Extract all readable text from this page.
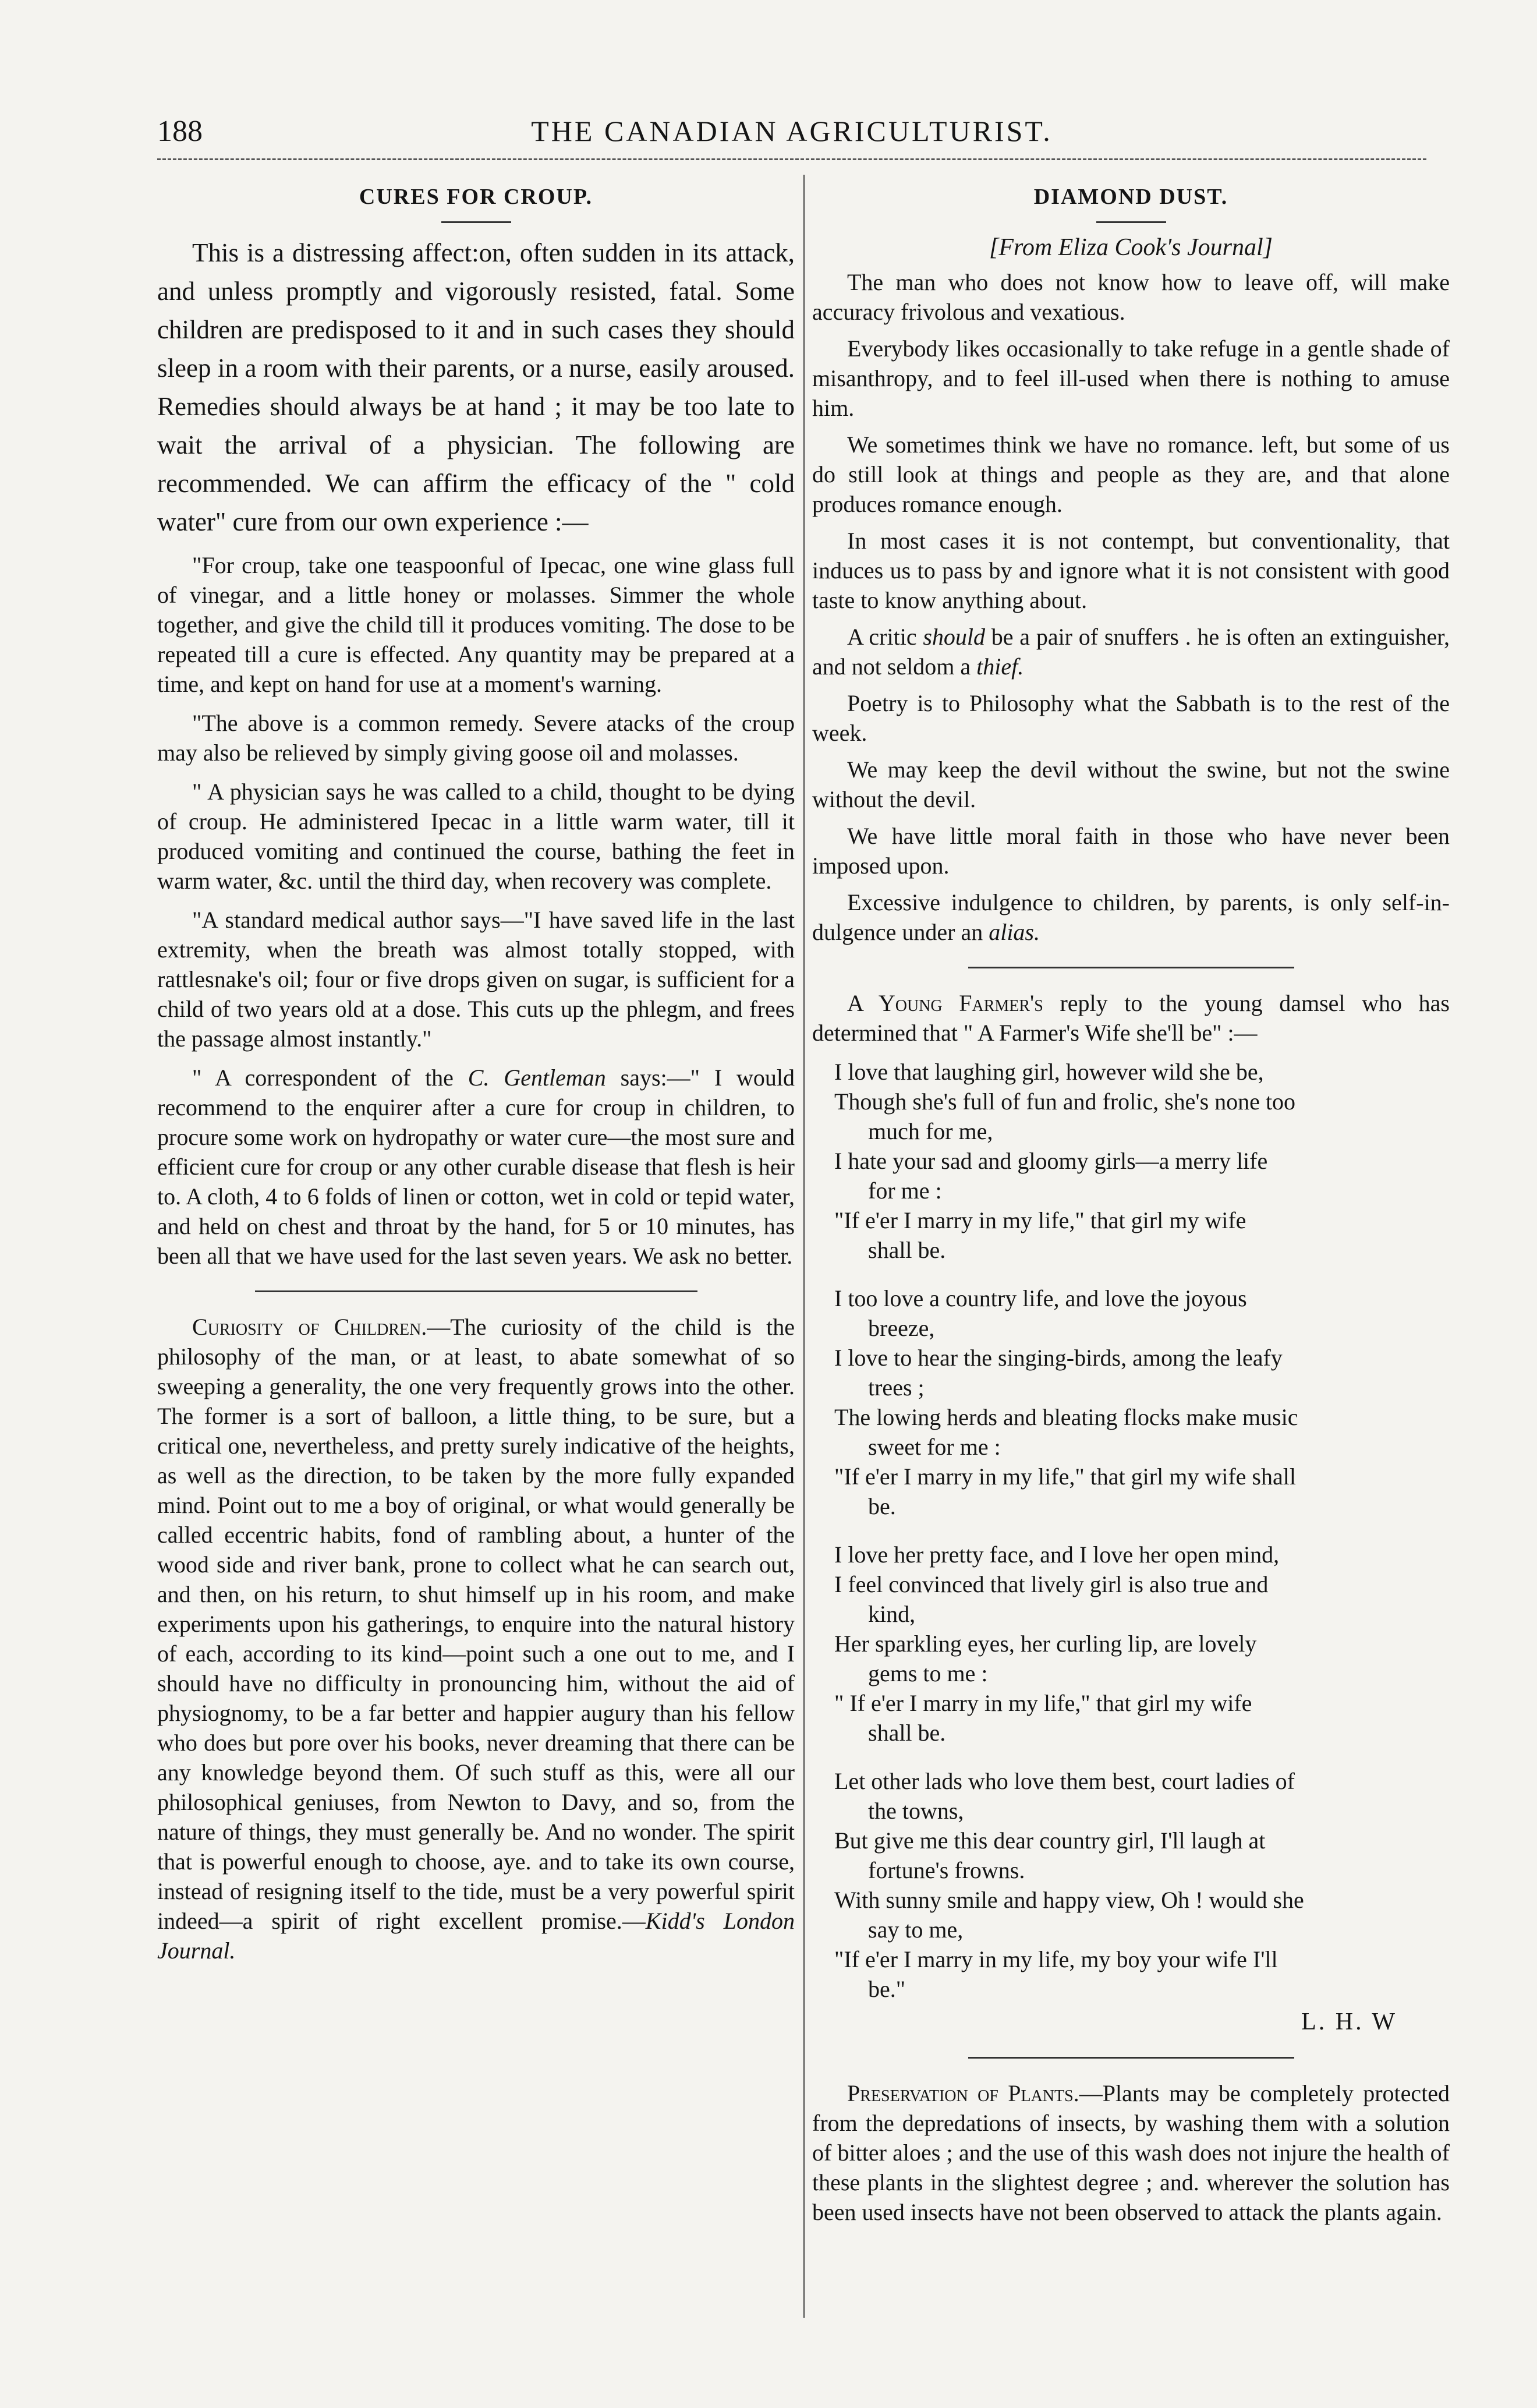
188	THE CANADIAN AGRICULTURIST.
CURES FOR CROUP.

This is a distressing affect:on, often sudden in its attack, and unless promptly and vigorously resisted, fatal. Some children are predisposed to it and in such cases they should sleep in a room with their parents, or a nurse, easily aroused. Remedies should always be at hand ; it may be too late to wait the arrival of a physician. The following are recommended. We can affirm the efficacy of the " cold water" cure from our own experience :—

"For croup, take one teaspoonful of Ipecac, one wine glass full of vinegar, and a little honey or molasses. Simmer the whole together, and give the child till it produces vomiting. The dose to be repeated till a cure is effected. Any quantity may be prepared at a time, and kept on hand for use at a moment's warning.

"The above is a common remedy. Severe atacks of the croup may also be relieved by simply giving goose oil and molasses.

" A physician says he was called to a child, thought to be dying of croup. He administered Ipecac in a little warm water, till it produced vomiting and continued the course, bathing the feet in warm water, &c. until the third day, when recovery was complete.

"A standard medical author says—"I have saved life in the last extremity, when the breath was almost totally stopped, with rattlesnake's oil; four or five drops given on sugar, is sufficient for a child of two years old at a dose. This cuts up the phlegm, and frees the passage almost instantly."

" A correspondent of the C. Gentleman says:—" I would recommend to the enquirer after a cure for croup in children, to procure some work on hydropathy or water cure—the most sure and efficient cure for croup or any other curable disease that flesh is heir to. A cloth, 4 to 6 folds of linen or cotton, wet in cold or tepid water, and held on chest and throat by the hand, for 5 or 10 minutes, has been all that we have used for the last seven years. We ask no better.

Curiosity of Children.—The curiosity of the child is the philosophy of the man, or at least, to abate somewhat of so sweeping a generality, the one very frequently grows into the other. The former is a sort of balloon, a little thing, to be sure, but a critical one, nevertheless, and pretty surely indicative of the heights, as well as the direction, to be taken by the more fully expanded mind. Point out to me a boy of original, or what would generally be called eccentric habits, fond of rambling about, a hunter of the wood side and river bank, prone to collect what he can search out, and then, on his return, to shut himself up in his room, and make experiments upon his gatherings, to enquire into the natural history of each, according to its kind—point such a one out to me, and I should have no difficulty in pronouncing him, without the aid of physiognomy, to be a far better and happier augury than his fellow who does but pore over his books, never dreaming that there can be any knowledge beyond them. Of such stuff as this, were all our philosophical geniuses, from Newton to Davy, and so, from the nature of things, they must generally be. And no wonder. The spirit that is powerful enough to choose, aye. and to take its own course, instead of resigning itself to the tide, must be a very powerful spirit indeed—a spirit of right excellent promise.—Kidd's London Journal.

DIAMOND DUST.
[From Eliza Cook's Journal]

The man who does not know how to leave off, will make accuracy frivolous and vexatious.

Everybody likes occasionally to take refuge in a gentle shade of misanthropy, and to feel ill-used when there is nothing to amuse him.

We sometimes think we have no romance. left, but some of us do still look at things and people as they are, and that alone produces romance enough.

In most cases it is not contempt, but conventionality, that induces us to pass by and ignore what it is not consistent with good taste to know anything about.

A critic should be a pair of snuffers . he is often an extinguisher, and not seldom a thief.

Poetry is to Philosophy what the Sabbath is to the rest of the week.

We may keep the devil without the swine, but not the swine without the devil.

We have little moral faith in those who have never been imposed upon.

Excessive indulgence to children, by parents, is only self-in-dulgence under an alias.

A Young Farmer's reply to the young damsel who has determined that " A Farmer's Wife she'll be" :—

I love that laughing girl, however wild she be,
Though she's full of fun and frolic, she's none too
much for me,
I hate your sad and gloomy girls—a merry life
for me :
"If e'er I marry in my life," that girl my wife
shall be.
I too love a country life, and love the joyous
breeze,
I love to hear the singing-birds, among the leafy
trees ;
The lowing herds and bleating flocks make music
sweet for me :
"If e'er I marry in my life," that girl my wife shall
be.
I love her pretty face, and I love her open mind,
I feel convinced that lively girl is also true and
kind,
Her sparkling eyes, her curling lip, are lovely
gems to me :
" If e'er I marry in my life," that girl my wife
shall be.
Let other lads who love them best, court ladies of
the towns,
But give me this dear country girl, I'll laugh at
fortune's frowns.
With sunny smile and happy view, Oh ! would she
say to me,
"If e'er I marry in my life, my boy your wife I'll
be."
L. H. W

Preservation of Plants.—Plants may be completely protected from the depredations of insects, by washing them with a solution of bitter aloes ; and the use of this wash does not injure the health of these plants in the slightest degree ; and. wherever the solution has been used insects have not been observed to attack the plants again.
